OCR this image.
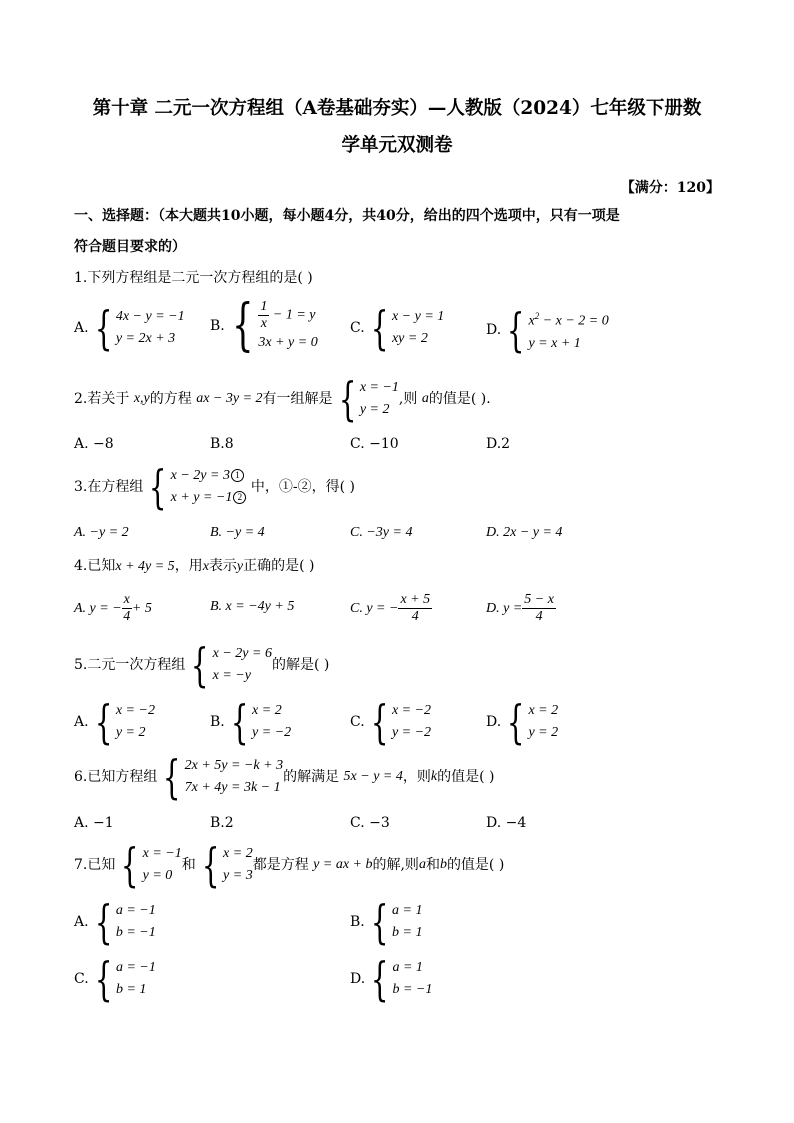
第十章 二元一次方程组（A卷基础夯实）—人教版（2024）七年级下册数
学单元双测卷
【满分：120】
一、选择题：（本大题共10小题，每小题4分，共40分，给出的四个选项中，只有一项是
符合题目要求的）
1.下列方程组是二元一次方程组的是( )
A. { 4x − y = −1
y = 2x + 3
B. { $\frac{1}{x} - 1 = y$
3x + y = 0
C. { x − y = 1
xy = 2
D. { $x^2 - x - 2 = 0$
y = x + 1
2.若关于 x,y的方程 ax − 3y = 2有一组解是 { x = −1
y = 2
,则 a的值是( ).
A. −8	B.8	C. −10	D.2
3.在方程组 { x − 2y = 3 1
x + y = −1 2
中，①-②，得( )
A. −y = 2	B. −y = 4	C. −3y = 4	D. 2x − y = 4
4.已知x + 4y = 5，用x表示y正确的是( )
A. y = − $\frac{x}{4} + 5$	B. x = −4y + 5	C. y = − $\frac{x + 5}{4}$	D. $y = \frac{5 - x}{4}$
5.二元一次方程组 { x − 2y = 6
x = −y
的解是( )
A. { x = −2
y = 2
B. { x = 2
y = −2
C. { x = −2
y = −2
D. { x = 2
y = 2
6.已知方程组 { 2x + 5y = −k + 3
7x + 4y = 3k − 1
的解满足 5x − y = 4，则k的值是( )
A. −1	B.2	C. −3	D. −4
7.已知 { x = −1
y = 0
和 { x = 2
y = 3
都是方程 y = ax + b的解,则a和b的值是( )
A. { a = −1
b = −1
B. { a = 1
b = 1
C. { a = −1
b = 1
D. { a = 1
b = −1
